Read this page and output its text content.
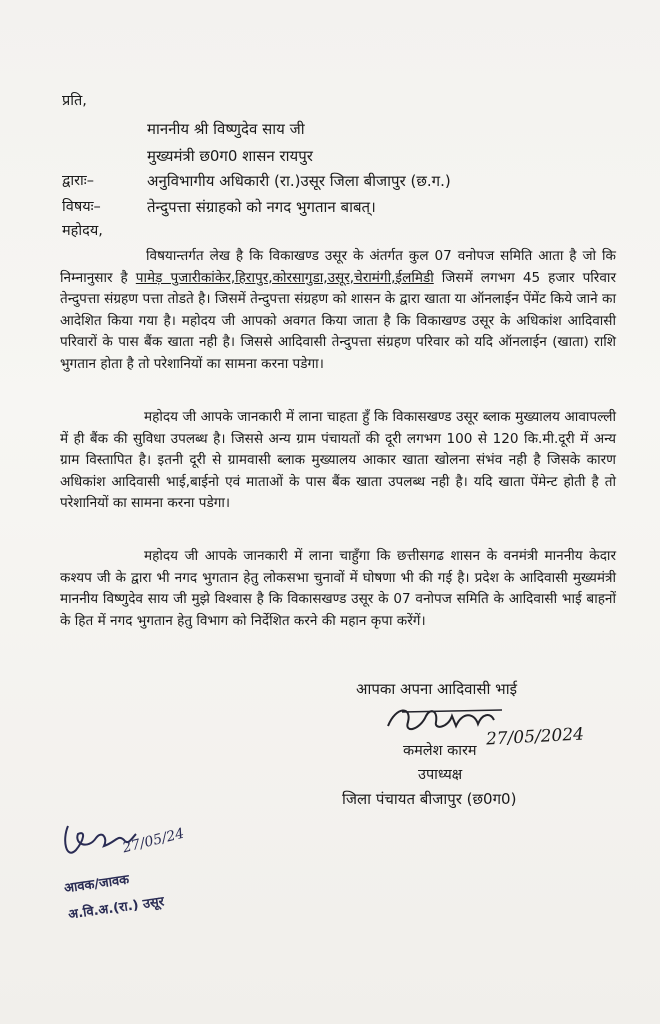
प्रति,
माननीय श्री विष्णुदेव साय जी
मुख्यमंत्री छ0ग0 शासन रायपुर
द्वाराः–	अनुविभागीय अधिकारी (रा.)उसूर जिला बीजापुर (छ.ग.)
विषयः–	तेन्दुपत्ता संग्राहको को नगद भुगतान बाबत्।
महोदय,
विषयान्तर्गत लेख है कि विकाखण्ड उसूर के अंतर्गत कुल 07 वनोपज समिति आता है जो कि निम्नानुसार है पामेड़ पुजारीकांकेर,हिरापुर,कोरसागुडा,उसूर,चेरामंगी,ईलमिडी जिसमें लगभग 45 हजार परिवार तेन्दुपत्ता संग्रहण पत्ता तोडते है। जिसमें तेन्दुपत्ता संग्रहण को शासन के द्वारा खाता या ऑनलाईन पेंमेंट किये जाने का आदेशित किया गया है। महोदय जी आपको अवगत किया जाता है कि विकाखण्ड उसूर के अधिकांश आदिवासी परिवारों के पास बैंक खाता नही है। जिससे आदिवासी तेन्दुपत्ता संग्रहण परिवार को यदि ऑनलाईन (खाता) राशि भुगतान होता है तो परेशानियों का सामना करना पडेगा।
महोदय जी आपके जानकारी में लाना चाहता हुँ कि विकासखण्ड उसूर ब्लाक मुख्यालय आवापल्ली में ही बैंक की सुविधा उपलब्ध है। जिससे अन्य ग्राम पंचायतों की दूरी लगभग 100 से 120 कि.मी.दूरी में अन्य ग्राम विस्तापित है। इतनी दूरी से ग्रामवासी ब्लाक मुख्यालय आकार खाता खोलना संभंव नही है जिसके कारण अधिकांश आदिवासी भाई,बाईनो एवं माताओं के पास बैंक खाता उपलब्ध नही है। यदि खाता पेंमेन्ट होती है तो परेशानियों का सामना करना पडेगा।
महोदय जी आपके जानकारी में लाना चाहुँगा कि छत्तीसगढ शासन के वनमंत्री माननीय केदार कश्यप जी के द्वारा भी नगद भुगतान हेतु लोकसभा चुनावों में घोषणा भी की गई है। प्रदेश के आदिवासी मुख्यमंत्री माननीय विष्णुदेव साय जी मुझे विश्वास है कि विकासखण्ड उसूर के 07 वनोपज समिति के आदिवासी भाई बाहनों के हित में नगद भुगतान हेतु विभाग को निर्देशित करने की महान कृपा करेंगें।
आपका अपना आदिवासी भाई
27/05/2024
कमलेश कारम
उपाध्यक्ष
जिला पंचायत बीजापुर (छ0ग0)
27/05/24
आवक/जावक
अ.वि.अ.(रा.) उसूर
